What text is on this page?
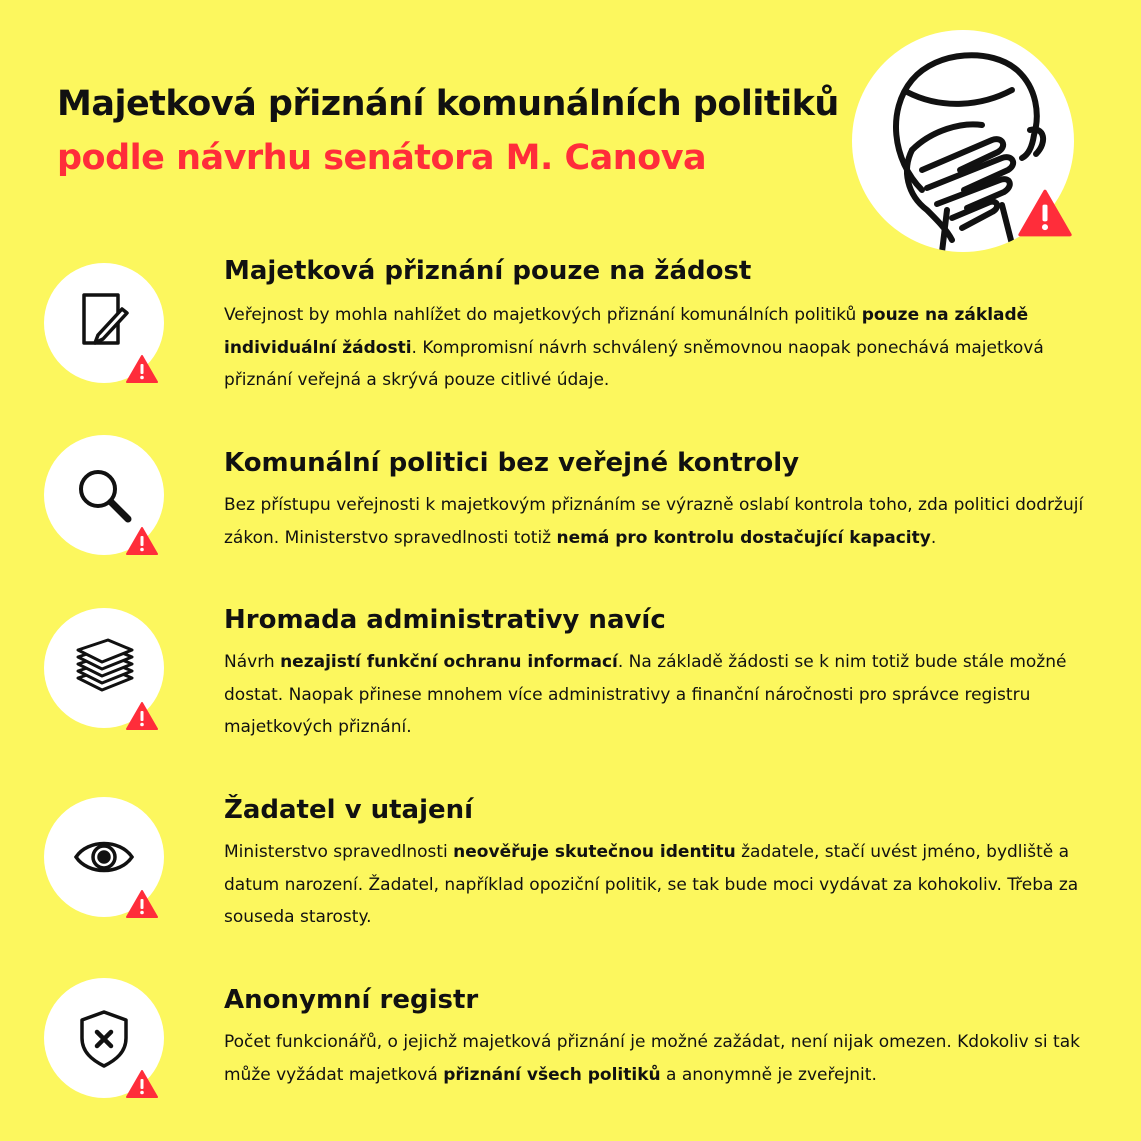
Majetková přiznání komunálních politiků
podle návrhu senátora M. Canova
Majetková přiznání pouze na žádost

Veřejnost by mohla nahlížet do majetkových přiznání komunálních politiků pouze na základě individuální žádosti. Kompromisní návrh schválený sněmovnou naopak ponechává majetková přiznání veřejná a skrývá pouze citlivé údaje.

Komunální politici bez veřejné kontroly

Bez přístupu veřejnosti k majetkovým přiznáním se výrazně oslabí kontrola toho, zda politici dodržují zákon. Ministerstvo spravedlnosti totiž nemá pro kontrolu dostačující kapacity.

Hromada administrativy navíc

Návrh nezajistí funkční ochranu informací. Na základě žádosti se k nim totiž bude stále možné dostat. Naopak přinese mnohem více administrativy a finanční náročnosti pro správce registru majetkových přiznání.

Žadatel v utajení

Ministerstvo spravedlnosti neověřuje skutečnou identitu žadatele, stačí uvést jméno, bydliště a datum narození. Žadatel, například opoziční politik, se tak bude moci vydávat za kohokoliv. Třeba za souseda starosty.

Anonymní registr

Počet funkcionářů, o jejichž majetková přiznání je možné zažádat, není nijak omezen. Kdokoliv si tak může vyžádat majetková přiznání všech politiků a anonymně je zveřejnit.
